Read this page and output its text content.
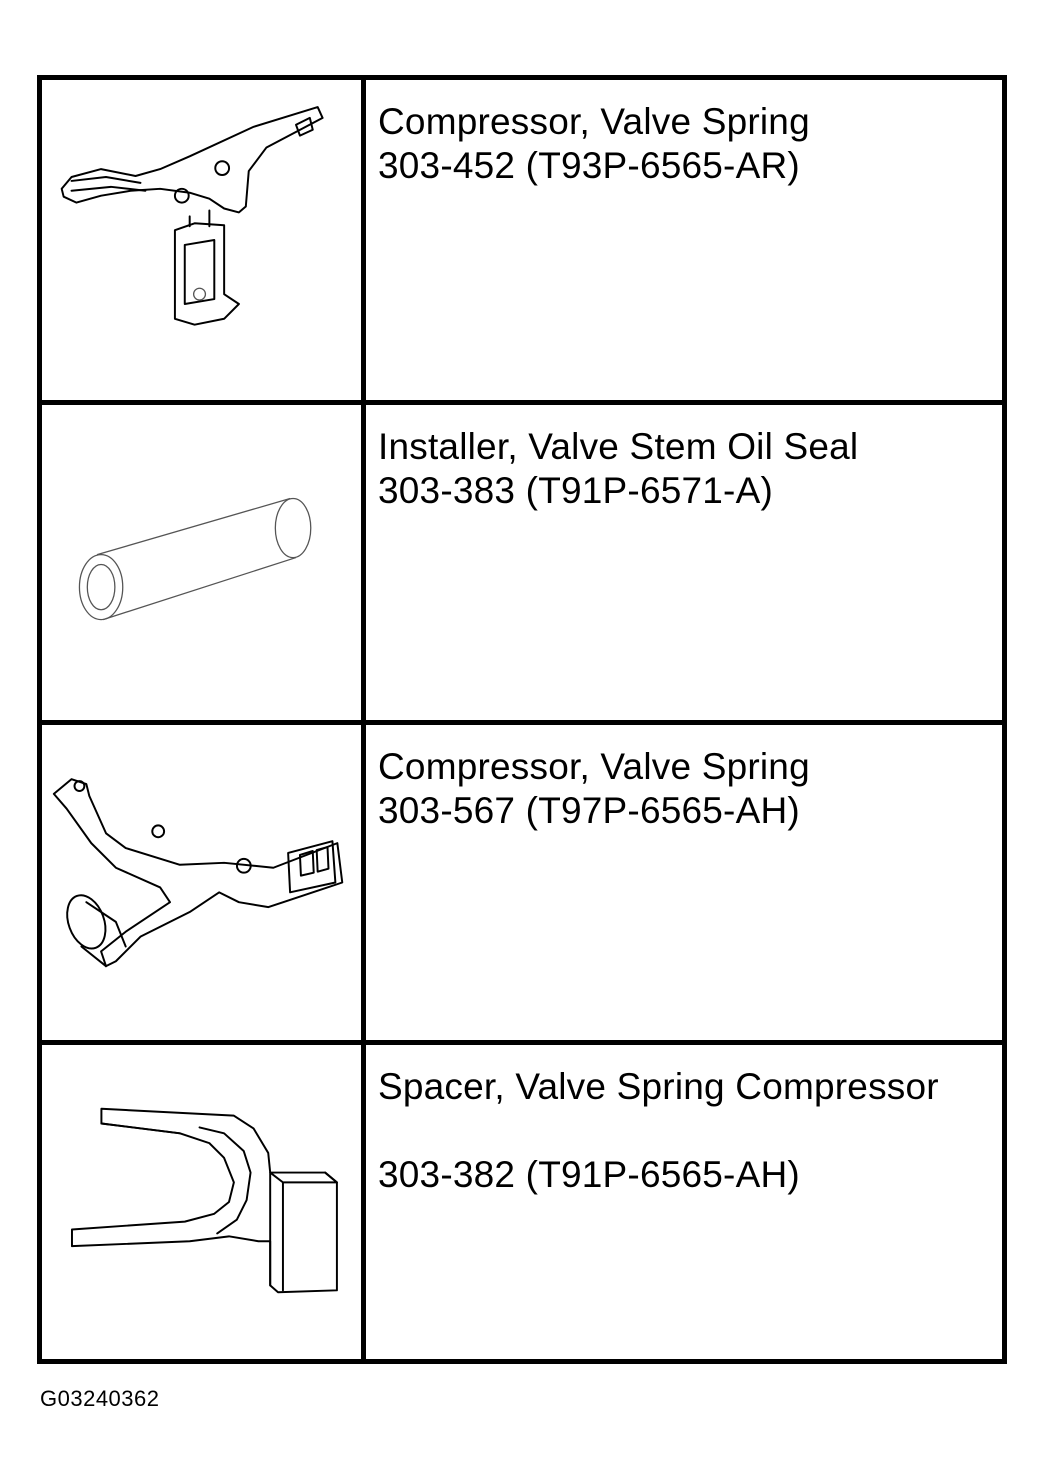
Compressor, Valve Spring
303-452 (T93P-6565-AR)
Installer, Valve Stem Oil Seal
303-383 (T91P-6571-A)
Compressor, Valve Spring
303-567 (T97P-6565-AH)
Spacer, Valve Spring Compressor
303-382 (T91P-6565-AH)
G03240362
